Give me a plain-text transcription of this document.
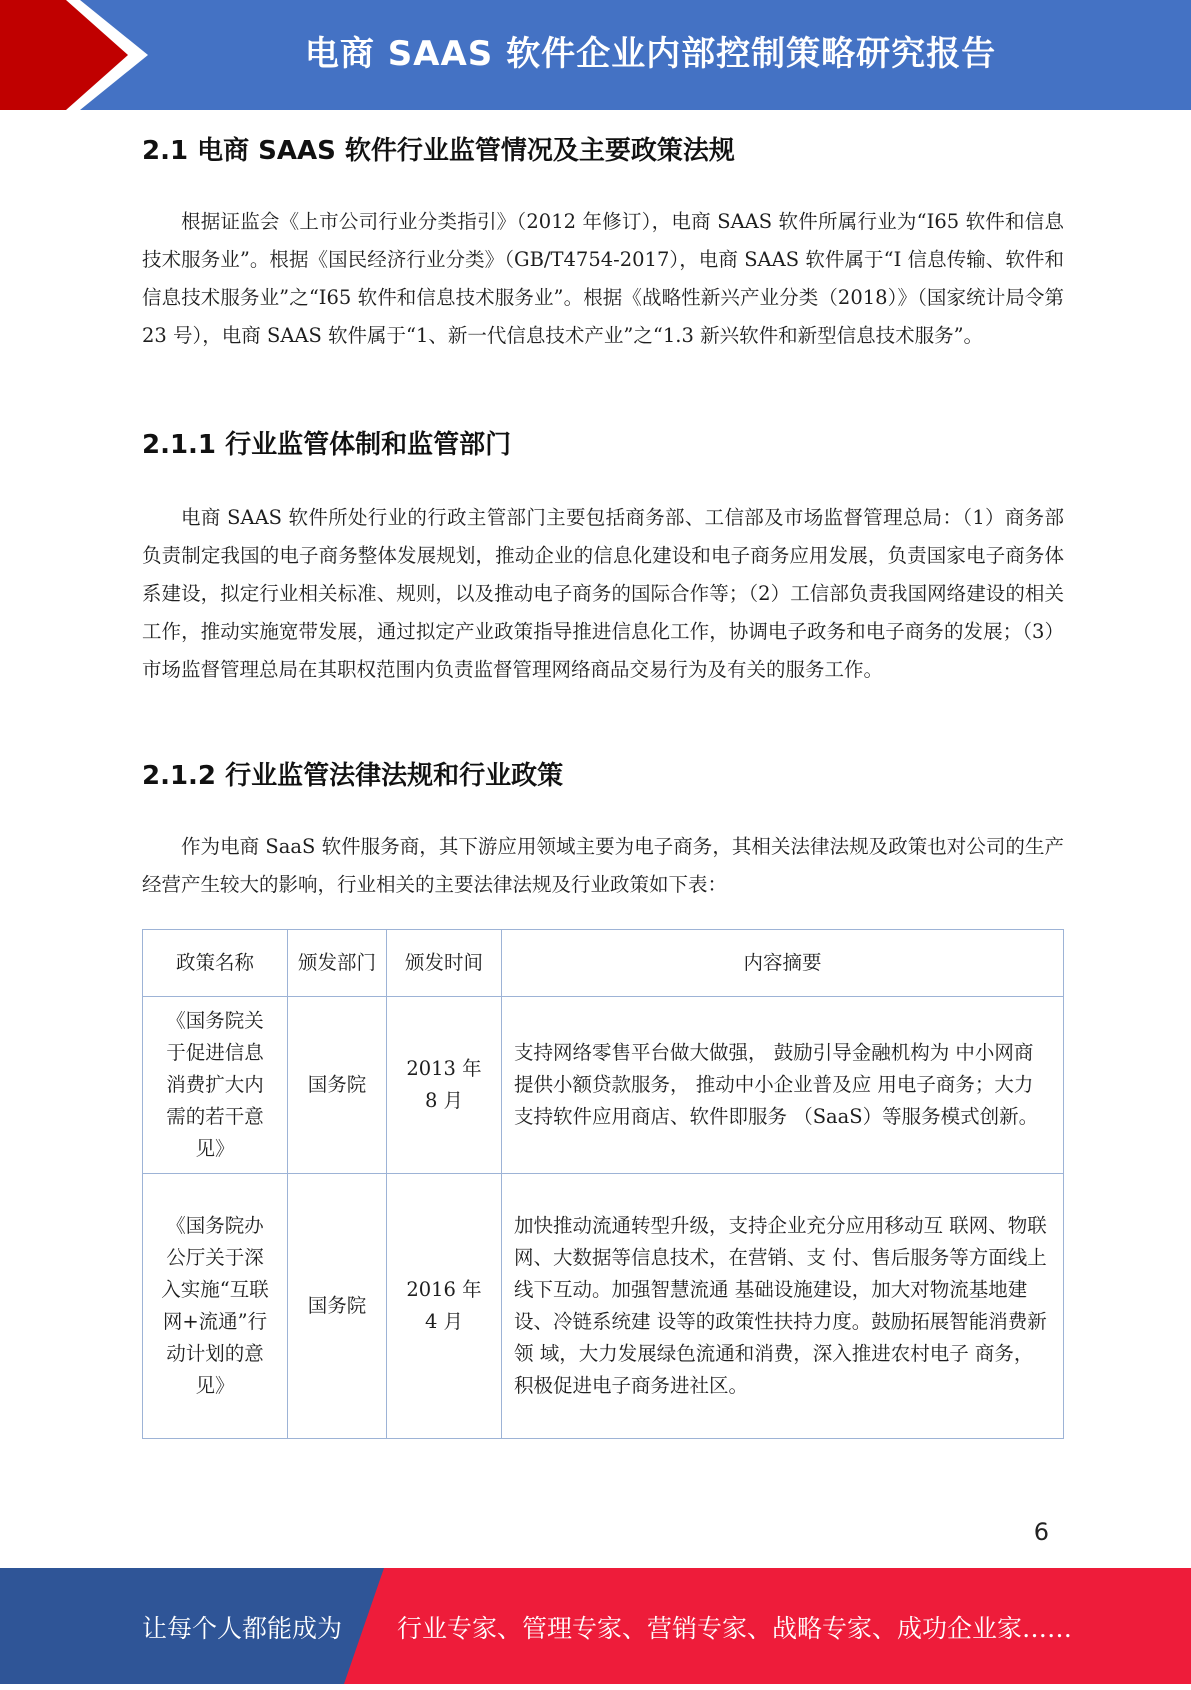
电商 SAAS 软件企业内部控制策略研究报告
2.1 电商 SAAS 软件行业监管情况及主要政策法规

根据证监会《上市公司行业分类指引》（2012 年修订），电商 SAAS 软件所属行业为“I65 软件和信息技术服务业”。根据《国民经济行业分类》（GB/T4754-2017），电商 SAAS 软件属于“I 信息传输、软件和信息技术服务业”之“I65 软件和信息技术服务业”。根据《战略性新兴产业分类（2018）》（国家统计局令第 23 号），电商 SAAS 软件属于“1、新一代信息技术产业”之“1.3 新兴软件和新型信息技术服务”。

2.1.1 行业监管体制和监管部门

电商 SAAS 软件所处行业的行政主管部门主要包括商务部、工信部及市场监督管理总局：（1）商务部负责制定我国的电子商务整体发展规划，推动企业的信息化建设和电子商务应用发展，负责国家电子商务体系建设，拟定行业相关标准、规则，以及推动电子商务的国际合作等；（2）工信部负责我国网络建设的相关工作，推动实施宽带发展，通过拟定产业政策指导推进信息化工作，协调电子政务和电子商务的发展；（3）市场监督管理总局在其职权范围内负责监督管理网络商品交易行为及有关的服务工作。

2.1.2 行业监管法律法规和行业政策

作为电商 SaaS 软件服务商，其下游应用领域主要为电子商务，其相关法律法规及政策也对公司的生产经营产生较大的影响，行业相关的主要法律法规及行业政策如下表：

政策名称	颁发部门	颁发时间	内容摘要
《国务院关于促进信息消费扩大内需的若干意见》	国务院	2013 年 8 月	支持网络零售平台做大做强， 鼓励引导金融机构为 中小网商提供小额贷款服务， 推动中小企业普及应 用电子商务；大力支持软件应用商店、软件即服务 （SaaS）等服务模式创新。
《国务院办公厅关于深入实施“互联网+流通”行动计划的意见》	国务院	2016 年 4 月	加快推动流通转型升级，支持企业充分应用移动互 联网、物联网、大数据等信息技术，在营销、支 付、售后服务等方面线上线下互动。加强智慧流通 基础设施建设，加大对物流基地建设、冷链系统建 设等的政策性扶持力度。鼓励拓展智能消费新领 域，大力发展绿色流通和消费，深入推进农村电子 商务，积极促进电子商务进社区。
6
让每个人都能成为 行业专家、管理专家、营销专家、战略专家、成功企业家……
